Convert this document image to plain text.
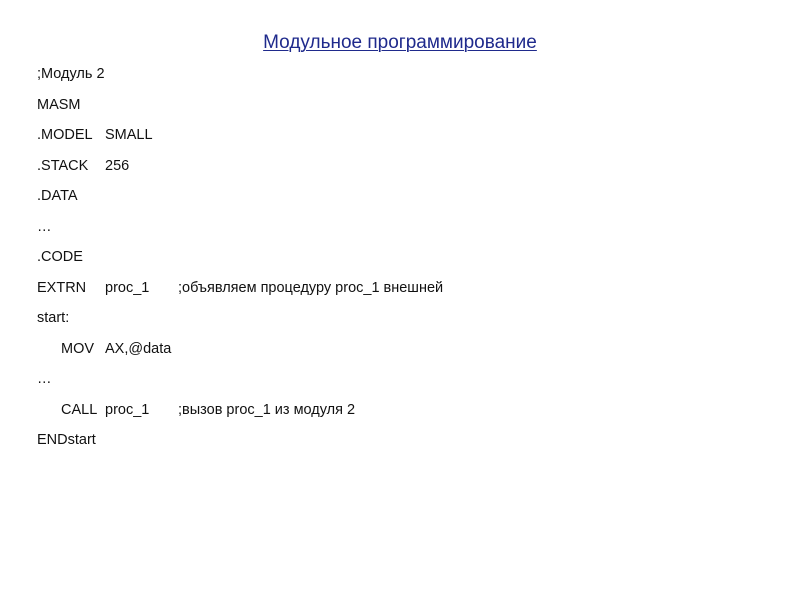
Модульное программирование

;Модуль 2

MASM

.MODEL

SMALL

.STACK

256

.DATA

…

.CODE

EXTRN

proc_1

;объявляем процедуру proc_1 внешней

start:

MOV

AX,@data

…

CALL

proc_1

;вызов proc_1 из модуля 2

ENDstart
